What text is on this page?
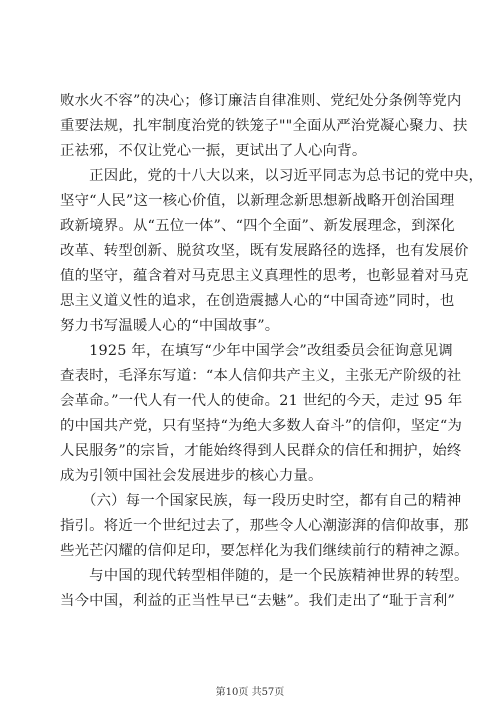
败水火不容”的决心；修订廉洁自律准则、党纪处分条例等党内
重要法规，扎牢制度治党的铁笼子""全面从严治党凝心聚力、扶
正祛邪，不仅让党心一振，更试出了人心向背。

　　正因此，党的十八大以来，以习近平同志为总书记的党中央，
坚守“人民”这一核心价值，以新理念新思想新战略开创治国理
政新境界。从“五位一体”、“四个全面”、新发展理念，到深化
改革、转型创新、脱贫攻坚，既有发展路径的选择，也有发展价
值的坚守，蕴含着对马克思主义真理性的思考，也彰显着对马克
思主义道义性的追求，在创造震撼人心的“中国奇迹”同时，也
努力书写温暖人心的“中国故事”。

　　1925 年，在填写“少年中国学会”改组委员会征询意见调
查表时，毛泽东写道：“本人信仰共产主义，主张无产阶级的社
会革命。”一代人有一代人的使命。21 世纪的今天，走过 95 年
的中国共产党，只有坚持“为绝大多数人奋斗”的信仰，坚定“为
人民服务”的宗旨，才能始终得到人民群众的信任和拥护，始终
成为引领中国社会发展进步的核心力量。

　　（六）每一个国家民族，每一段历史时空，都有自己的精神
指引。将近一个世纪过去了，那些令人心潮澎湃的信仰故事，那
些光芒闪耀的信仰足印，要怎样化为我们继续前行的精神之源。

　　与中国的现代转型相伴随的，是一个民族精神世界的转型。
当今中国，利益的正当性早已“去魅”。我们走出了“耻于言利”

第10页 共57页
